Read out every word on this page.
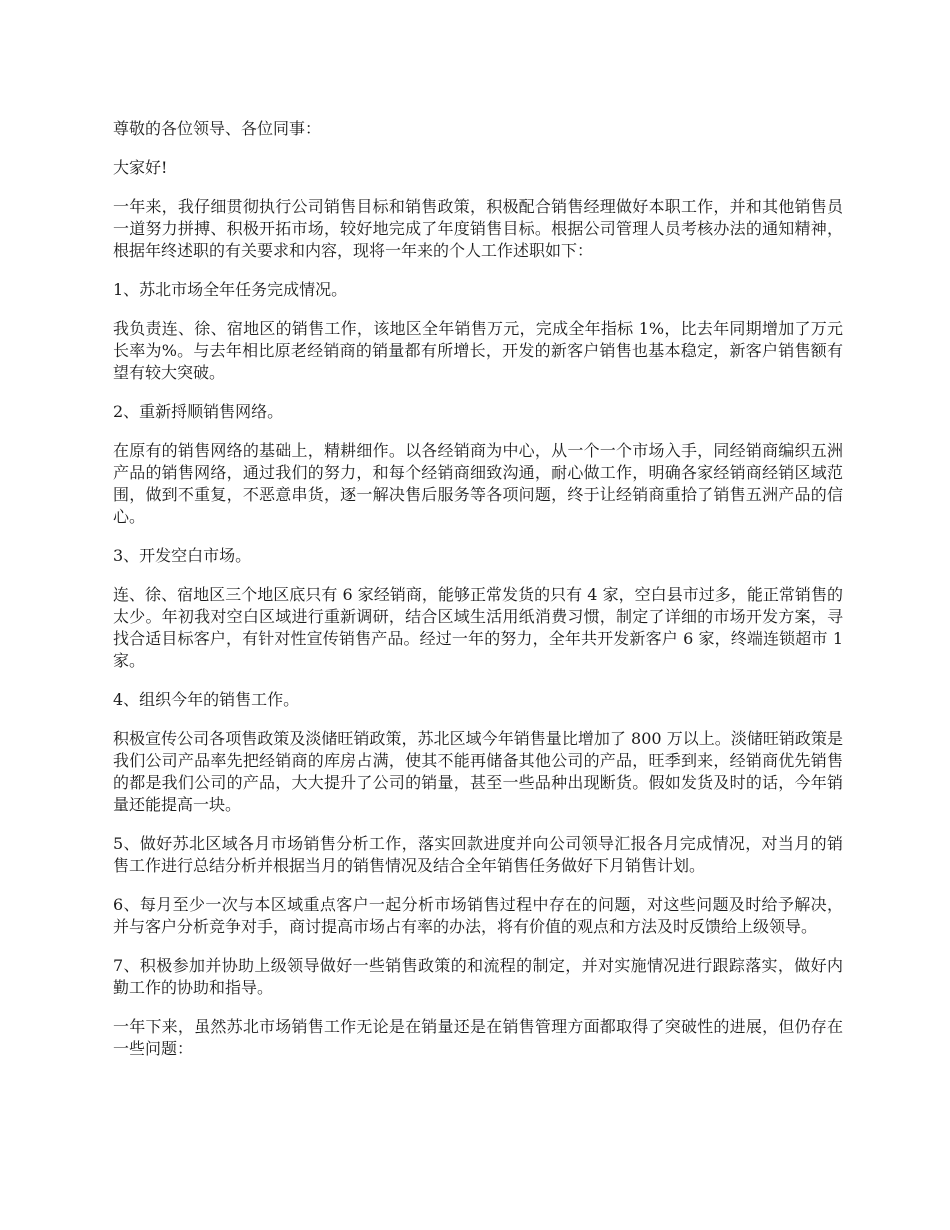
尊敬的各位领导、各位同事：

大家好!

一年来，我仔细贯彻执行公司销售目标和销售政策，积极配合销售经理做好本职工作，并和其他销售员一道努力拼搏、积极开拓市场，较好地完成了年度销售目标。根据公司管理人员考核办法的通知精神，根据年终述职的有关要求和内容，现将一年来的个人工作述职如下：

1、苏北市场全年任务完成情况。

我负责连、徐、宿地区的销售工作，该地区全年销售万元，完成全年指标 1%，比去年同期增加了万元长率为%。与去年相比原老经销商的销量都有所增长，开发的新客户销售也基本稳定，新客户销售额有望有较大突破。

2、重新捋顺销售网络。

在原有的销售网络的基础上，精耕细作。以各经销商为中心，从一个一个市场入手，同经销商编织五洲产品的销售网络，通过我们的努力，和每个经销商细致沟通，耐心做工作，明确各家经销商经销区域范围，做到不重复，不恶意串货，逐一解决售后服务等各项问题，终于让经销商重拾了销售五洲产品的信心。

3、开发空白市场。

连、徐、宿地区三个地区底只有 6 家经销商，能够正常发货的只有 4 家，空白县市过多，能正常销售的太少。年初我对空白区域进行重新调研，结合区域生活用纸消费习惯，制定了详细的市场开发方案，寻找合适目标客户，有针对性宣传销售产品。经过一年的努力，全年共开发新客户 6 家，终端连锁超市 1 家。

4、组织今年的销售工作。

积极宣传公司各项售政策及淡储旺销政策，苏北区域今年销售量比增加了 800 万以上。淡储旺销政策是我们公司产品率先把经销商的库房占满，使其不能再储备其他公司的产品，旺季到来，经销商优先销售的都是我们公司的产品，大大提升了公司的销量，甚至一些品种出现断货。假如发货及时的话，今年销量还能提高一块。

5、做好苏北区域各月市场销售分析工作，落实回款进度并向公司领导汇报各月完成情况，对当月的销售工作进行总结分析并根据当月的销售情况及结合全年销售任务做好下月销售计划。

6、每月至少一次与本区域重点客户一起分析市场销售过程中存在的问题，对这些问题及时给予解决，并与客户分析竞争对手，商讨提高市场占有率的办法，将有价值的观点和方法及时反馈给上级领导。

7、积极参加并协助上级领导做好一些销售政策的和流程的制定，并对实施情况进行跟踪落实，做好内勤工作的协助和指导。

一年下来，虽然苏北市场销售工作无论是在销量还是在销售管理方面都取得了突破性的进展，但仍存在一些问题：
